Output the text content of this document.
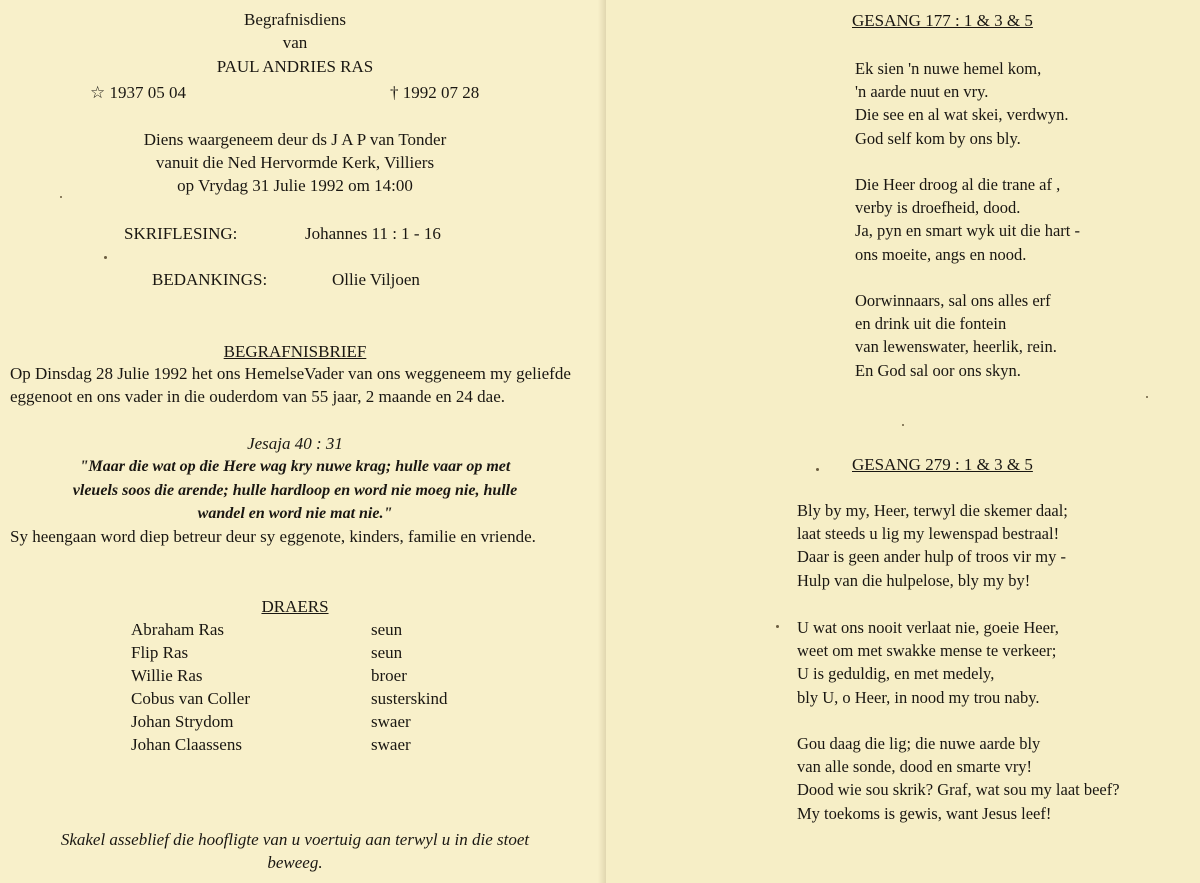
Begrafnisdiens
van
PAUL ANDRIES RAS
☆ 1937 05 04	† 1992 07 28
Diens waargeneem deur ds J A P van Tonder
vanuit die Ned Hervormde Kerk, Villiers
op Vrydag 31 Julie 1992 om 14:00
SKRIFLESING:	Johannes 11 : 1 - 16
BEDANKINGS:	Ollie Viljoen
BEGRAFNISBRIEF
Op Dinsdag 28 Julie 1992 het ons HemelseVader van ons weggeneem my geliefde eggenoot en ons vader in die ouderdom van 55 jaar, 2 maande en 24 dae.
Jesaja 40 : 31
"Maar die wat op die Here wag kry nuwe krag; hulle vaar op met
vleuels soos die arende; hulle hardloop en word nie moeg nie, hulle
wandel en word nie mat nie."
Sy heengaan word diep betreur deur sy eggenote, kinders, familie en vriende.
DRAERS
Abraham Ras	seun
Flip Ras	seun
Willie Ras	broer
Cobus van Coller	susterskind
Johan Strydom	swaer
Johan Claassens	swaer
Skakel asseblief die hoofligte van u voertuig aan terwyl u in die stoet
beweeg.
GESANG 177 : 1 & 3 & 5
Ek sien 'n nuwe hemel kom,
'n aarde nuut en vry.
Die see en al wat skei, verdwyn.
God self kom by ons bly.
Die Heer droog al die trane af ,
verby is droefheid, dood.
Ja, pyn en smart wyk uit die hart -
ons moeite, angs en nood.
Oorwinnaars, sal ons alles erf
en drink uit die fontein
van lewenswater, heerlik, rein.
En God sal oor ons skyn.
GESANG 279 : 1 & 3 & 5
Bly by my, Heer, terwyl die skemer daal;
laat steeds u lig my lewenspad bestraal!
Daar is geen ander hulp of troos vir my -
Hulp van die hulpelose, bly my by!
U wat ons nooit verlaat nie, goeie Heer,
weet om met swakke mense te verkeer;
U is geduldig, en met medely,
bly U, o Heer, in nood my trou naby.
Gou daag die lig; die nuwe aarde bly
van alle sonde, dood en smarte vry!
Dood wie sou skrik? Graf, wat sou my laat beef?
My toekoms is gewis, want Jesus leef!
